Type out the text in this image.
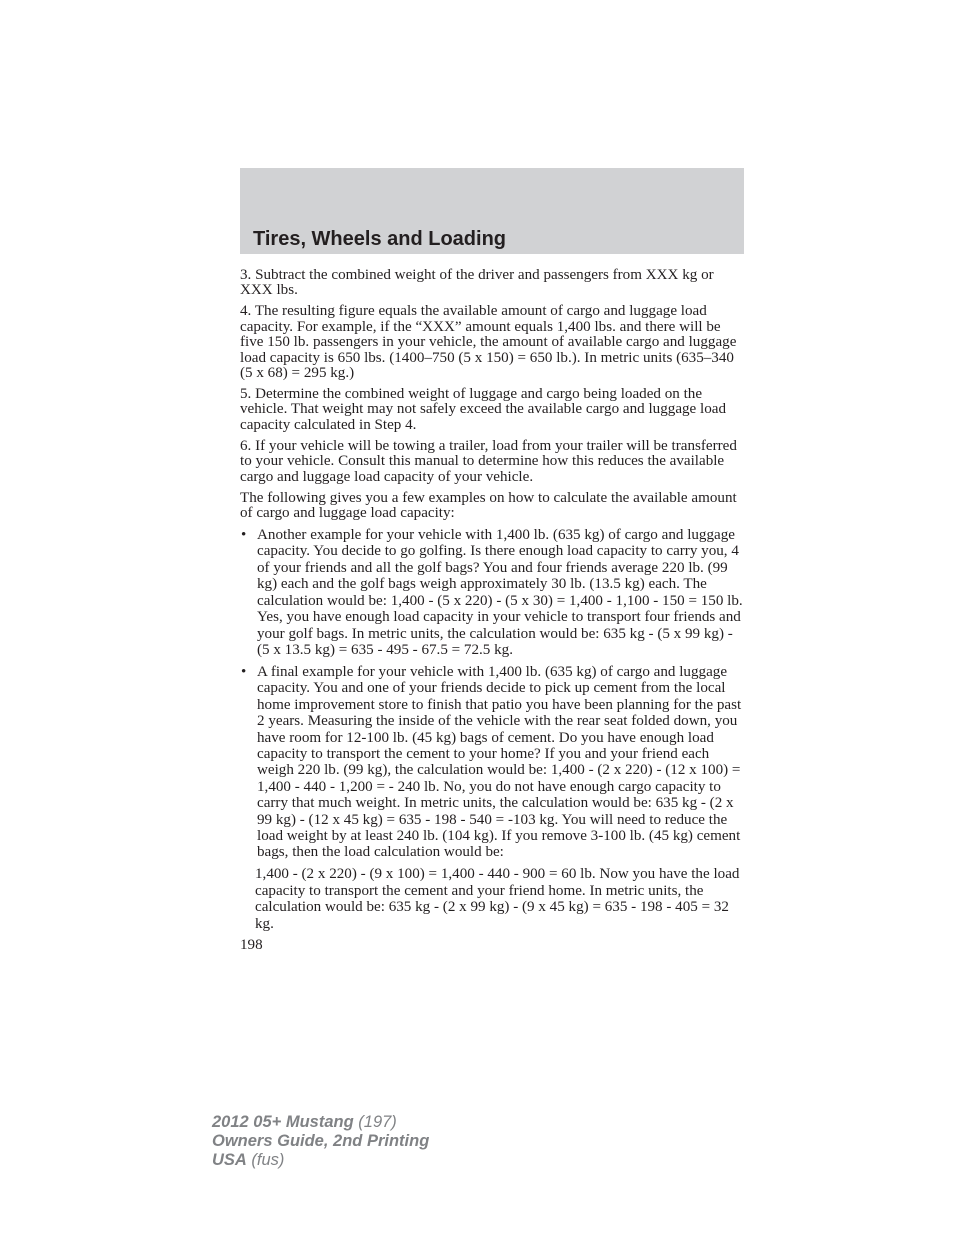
Tires, Wheels and Loading

3. Subtract the combined weight of the driver and passengers from XXX kg or XXX lbs.

4. The resulting figure equals the available amount of cargo and luggage load capacity. For example, if the “XXX” amount equals 1,400 lbs. and there will be five 150 lb. passengers in your vehicle, the amount of available cargo and luggage load capacity is 650 lbs. (1400–750 (5 x 150) = 650 lb.). In metric units (635–340 (5 x 68) = 295 kg.)

5. Determine the combined weight of luggage and cargo being loaded on the vehicle. That weight may not safely exceed the available cargo and luggage load capacity calculated in Step 4.

6. If your vehicle will be towing a trailer, load from your trailer will be transferred to your vehicle. Consult this manual to determine how this reduces the available cargo and luggage load capacity of your vehicle.

The following gives you a few examples on how to calculate the available amount of cargo and luggage load capacity:

• Another example for your vehicle with 1,400 lb. (635 kg) of cargo and luggage capacity. You decide to go golfing. Is there enough load capacity to carry you, 4 of your friends and all the golf bags? You and four friends average 220 lb. (99 kg) each and the golf bags weigh approximately 30 lb. (13.5 kg) each. The calculation would be: 1,400 - (5 x 220) - (5 x 30) = 1,400 - 1,100 - 150 = 150 lb. Yes, you have enough load capacity in your vehicle to transport four friends and your golf bags. In metric units, the calculation would be: 635 kg - (5 x 99 kg) - (5 x 13.5 kg) = 635 - 495 - 67.5 = 72.5 kg.
• A final example for your vehicle with 1,400 lb. (635 kg) of cargo and luggage capacity. You and one of your friends decide to pick up cement from the local home improvement store to finish that patio you have been planning for the past 2 years. Measuring the inside of the vehicle with the rear seat folded down, you have room for 12-100 lb. (45 kg) bags of cement. Do you have enough load capacity to transport the cement to your home? If you and your friend each weigh 220 lb. (99 kg), the calculation would be: 1,400 - (2 x 220) - (12 x 100) = 1,400 - 440 - 1,200 = - 240 lb. No, you do not have enough cargo capacity to carry that much weight. In metric units, the calculation would be: 635 kg - (2 x 99 kg) - (12 x 45 kg) = 635 - 198 - 540 = -103 kg. You will need to reduce the load weight by at least 240 lb. (104 kg). If you remove 3-100 lb. (45 kg) cement bags, then the load calculation would be:

1,400 - (2 x 220) - (9 x 100) = 1,400 - 440 - 900 = 60 lb. Now you have the load capacity to transport the cement and your friend home. In metric units, the calculation would be: 635 kg - (2 x 99 kg) - (9 x 45 kg) = 635 - 198 - 405 = 32 kg.

198
2012 05+ Mustang (197)
Owners Guide, 2nd Printing
USA (fus)
